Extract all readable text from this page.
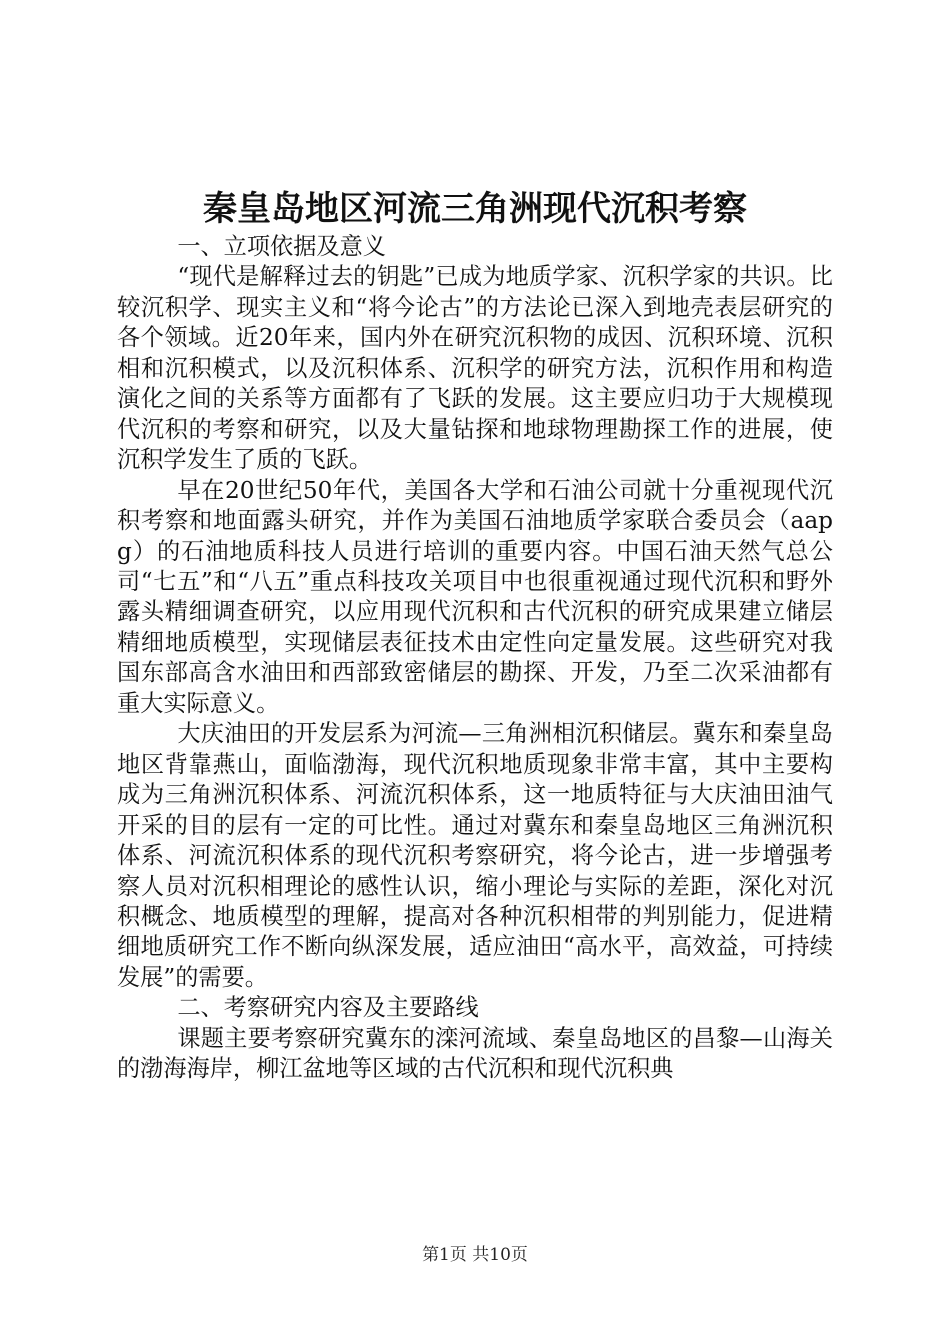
秦皇岛地区河流三角洲现代沉积考察

一、立项依据及意义

“现代是解释过去的钥匙”已成为地质学家、沉积学家的共识。比较沉积学、现实主义和“将今论古”的方法论已深入到地壳表层研究的各个领域。近20年来，国内外在研究沉积物的成因、沉积环境、沉积相和沉积模式，以及沉积体系、沉积学的研究方法，沉积作用和构造演化之间的关系等方面都有了飞跃的发展。这主要应归功于大规模现代沉积的考察和研究，以及大量钻探和地球物理勘探工作的进展，使沉积学发生了质的飞跃。

早在20世纪50年代，美国各大学和石油公司就十分重视现代沉积考察和地面露头研究，并作为美国石油地质学家联合委员会（aapg）的石油地质科技人员进行培训的重要内容。中国石油天然气总公司“七五”和“八五”重点科技攻关项目中也很重视通过现代沉积和野外露头精细调查研究，以应用现代沉积和古代沉积的研究成果建立储层精细地质模型，实现储层表征技术由定性向定量发展。这些研究对我国东部高含水油田和西部致密储层的勘探、开发，乃至二次采油都有重大实际意义。

大庆油田的开发层系为河流—三角洲相沉积储层。冀东和秦皇岛地区背靠燕山，面临渤海，现代沉积地质现象非常丰富，其中主要构成为三角洲沉积体系、河流沉积体系，这一地质特征与大庆油田油气开采的目的层有一定的可比性。通过对冀东和秦皇岛地区三角洲沉积体系、河流沉积体系的现代沉积考察研究，将今论古，进一步增强考察人员对沉积相理论的感性认识，缩小理论与实际的差距，深化对沉积概念、地质模型的理解，提高对各种沉积相带的判别能力，促进精细地质研究工作不断向纵深发展，适应油田“高水平，高效益，可持续发展”的需要。

二、考察研究内容及主要路线

课题主要考察研究冀东的滦河流域、秦皇岛地区的昌黎—山海关的渤海海岸，柳江盆地等区域的古代沉积和现代沉积典

第1页 共10页
